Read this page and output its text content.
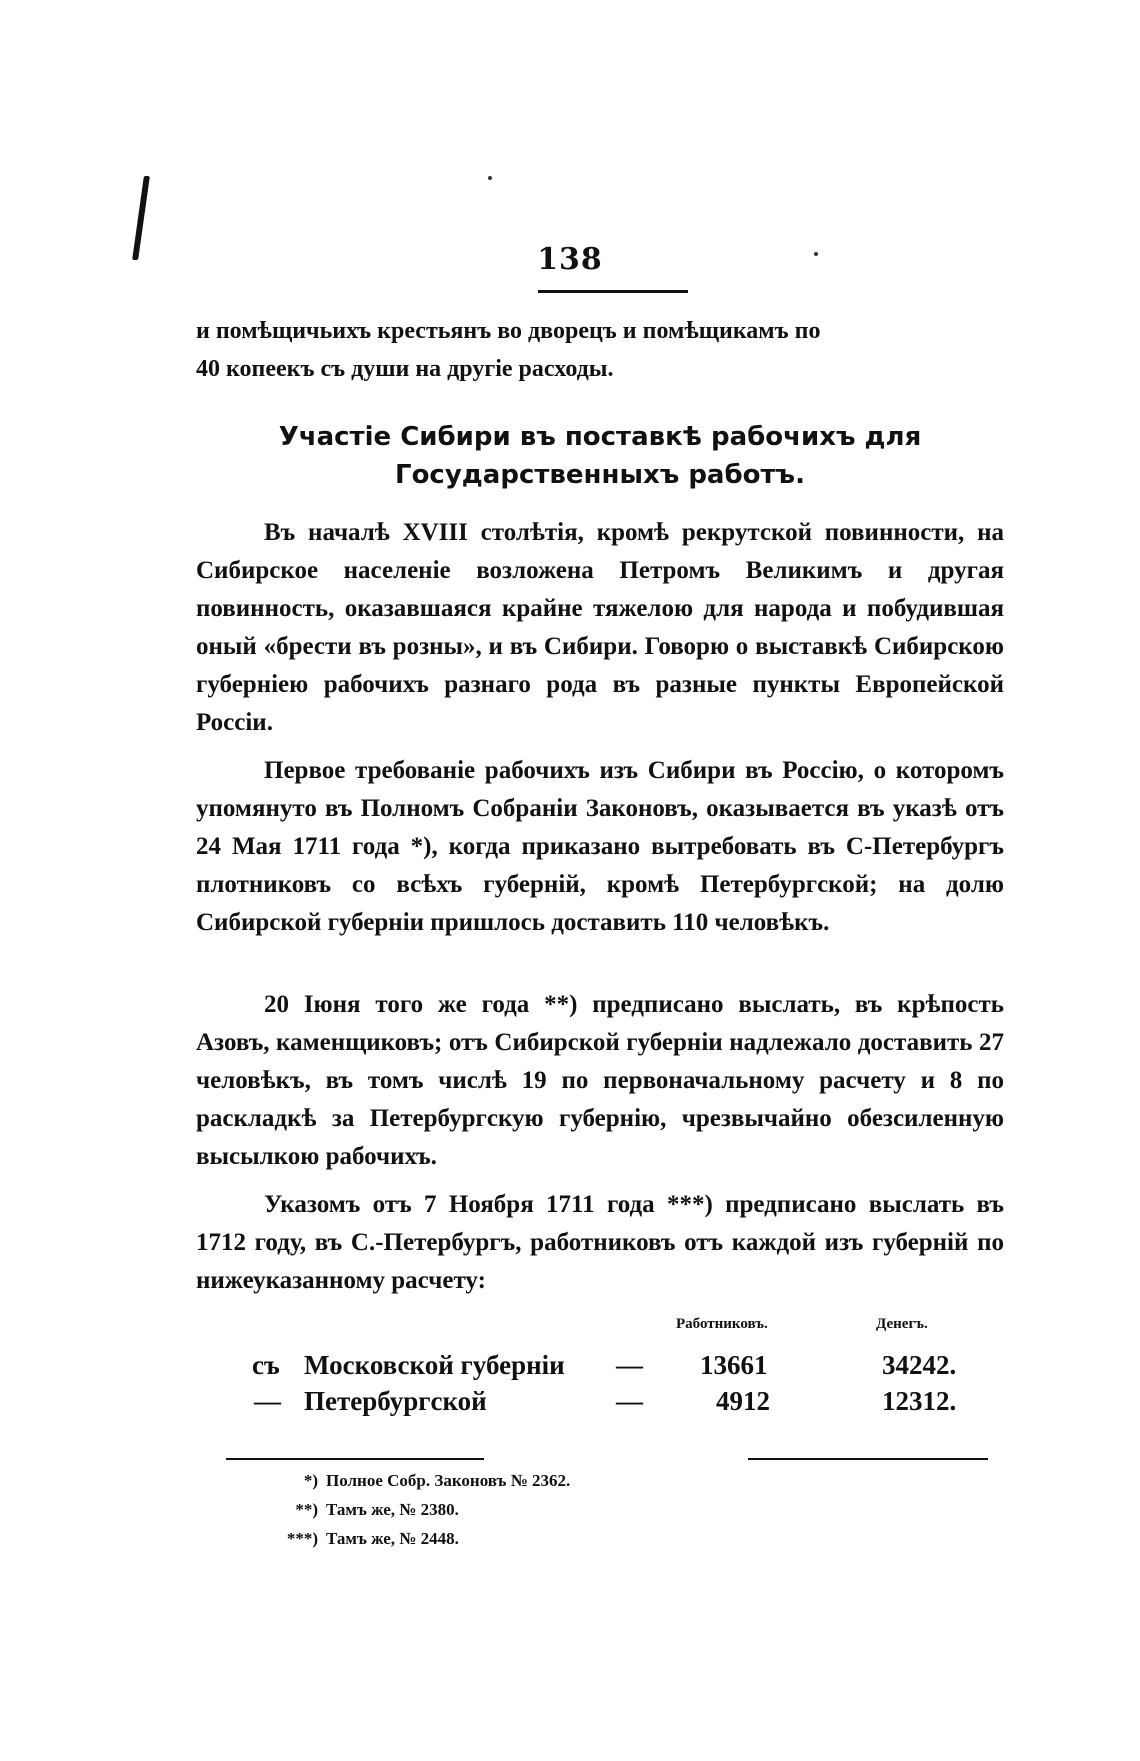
138
и помѣщичьихъ крестьянъ во дворецъ и помѣщикамъ по
40 копеекъ съ души на другіе расходы.
Участіе Сибири въ поставкѣ рабочихъ для
Государственныхъ работъ.

Въ началѣ XVIII столѣтія, кромѣ рекрутской повинности, на Сибирское населеніе возложена Петромъ Великимъ и другая повинность, оказавшаяся крайне тяжелою для народа и побудившая оный «брести въ розны», и въ Сибири. Говорю о выставкѣ Сибирскою губерніею рабочихъ разнаго рода въ разные пункты Европейской Россіи.

Первое требованіе рабочихъ изъ Сибири въ Россію, о которомъ упомянуто въ Полномъ Собраніи Законовъ, оказывается въ указѣ отъ 24 Мая 1711 года *), когда приказано вытребовать въ С-Петербургъ плотниковъ со всѣхъ губерній, кромѣ Петербургской; на долю Сибирской губерніи пришлось доставить 110 человѣкъ.

20 Іюня того же года **) предписано выслать, въ крѣпость Азовъ, каменщиковъ; отъ Сибирской губерніи надлежало доставить 27 человѣкъ, въ томъ числѣ 19 по первоначальному расчету и 8 по раскладкѣ за Петербургскую губернію, чрезвычайно обезсиленную высылкою рабочихъ.

Указомъ отъ 7 Ноября 1711 года ***) предписано выслать въ 1712 году, въ С.-Петербургъ, работниковъ отъ каждой изъ губерній по нижеуказанному расчету:

Работниковъ.	Денегъ.
съ Московской губерніи — 13661	34242.
— Петербургской	—	4912	12312.
*) Полное Собр. Законовъ № 2362.
**) Тамъ же, № 2380.
***) Тамъ же, № 2448.
